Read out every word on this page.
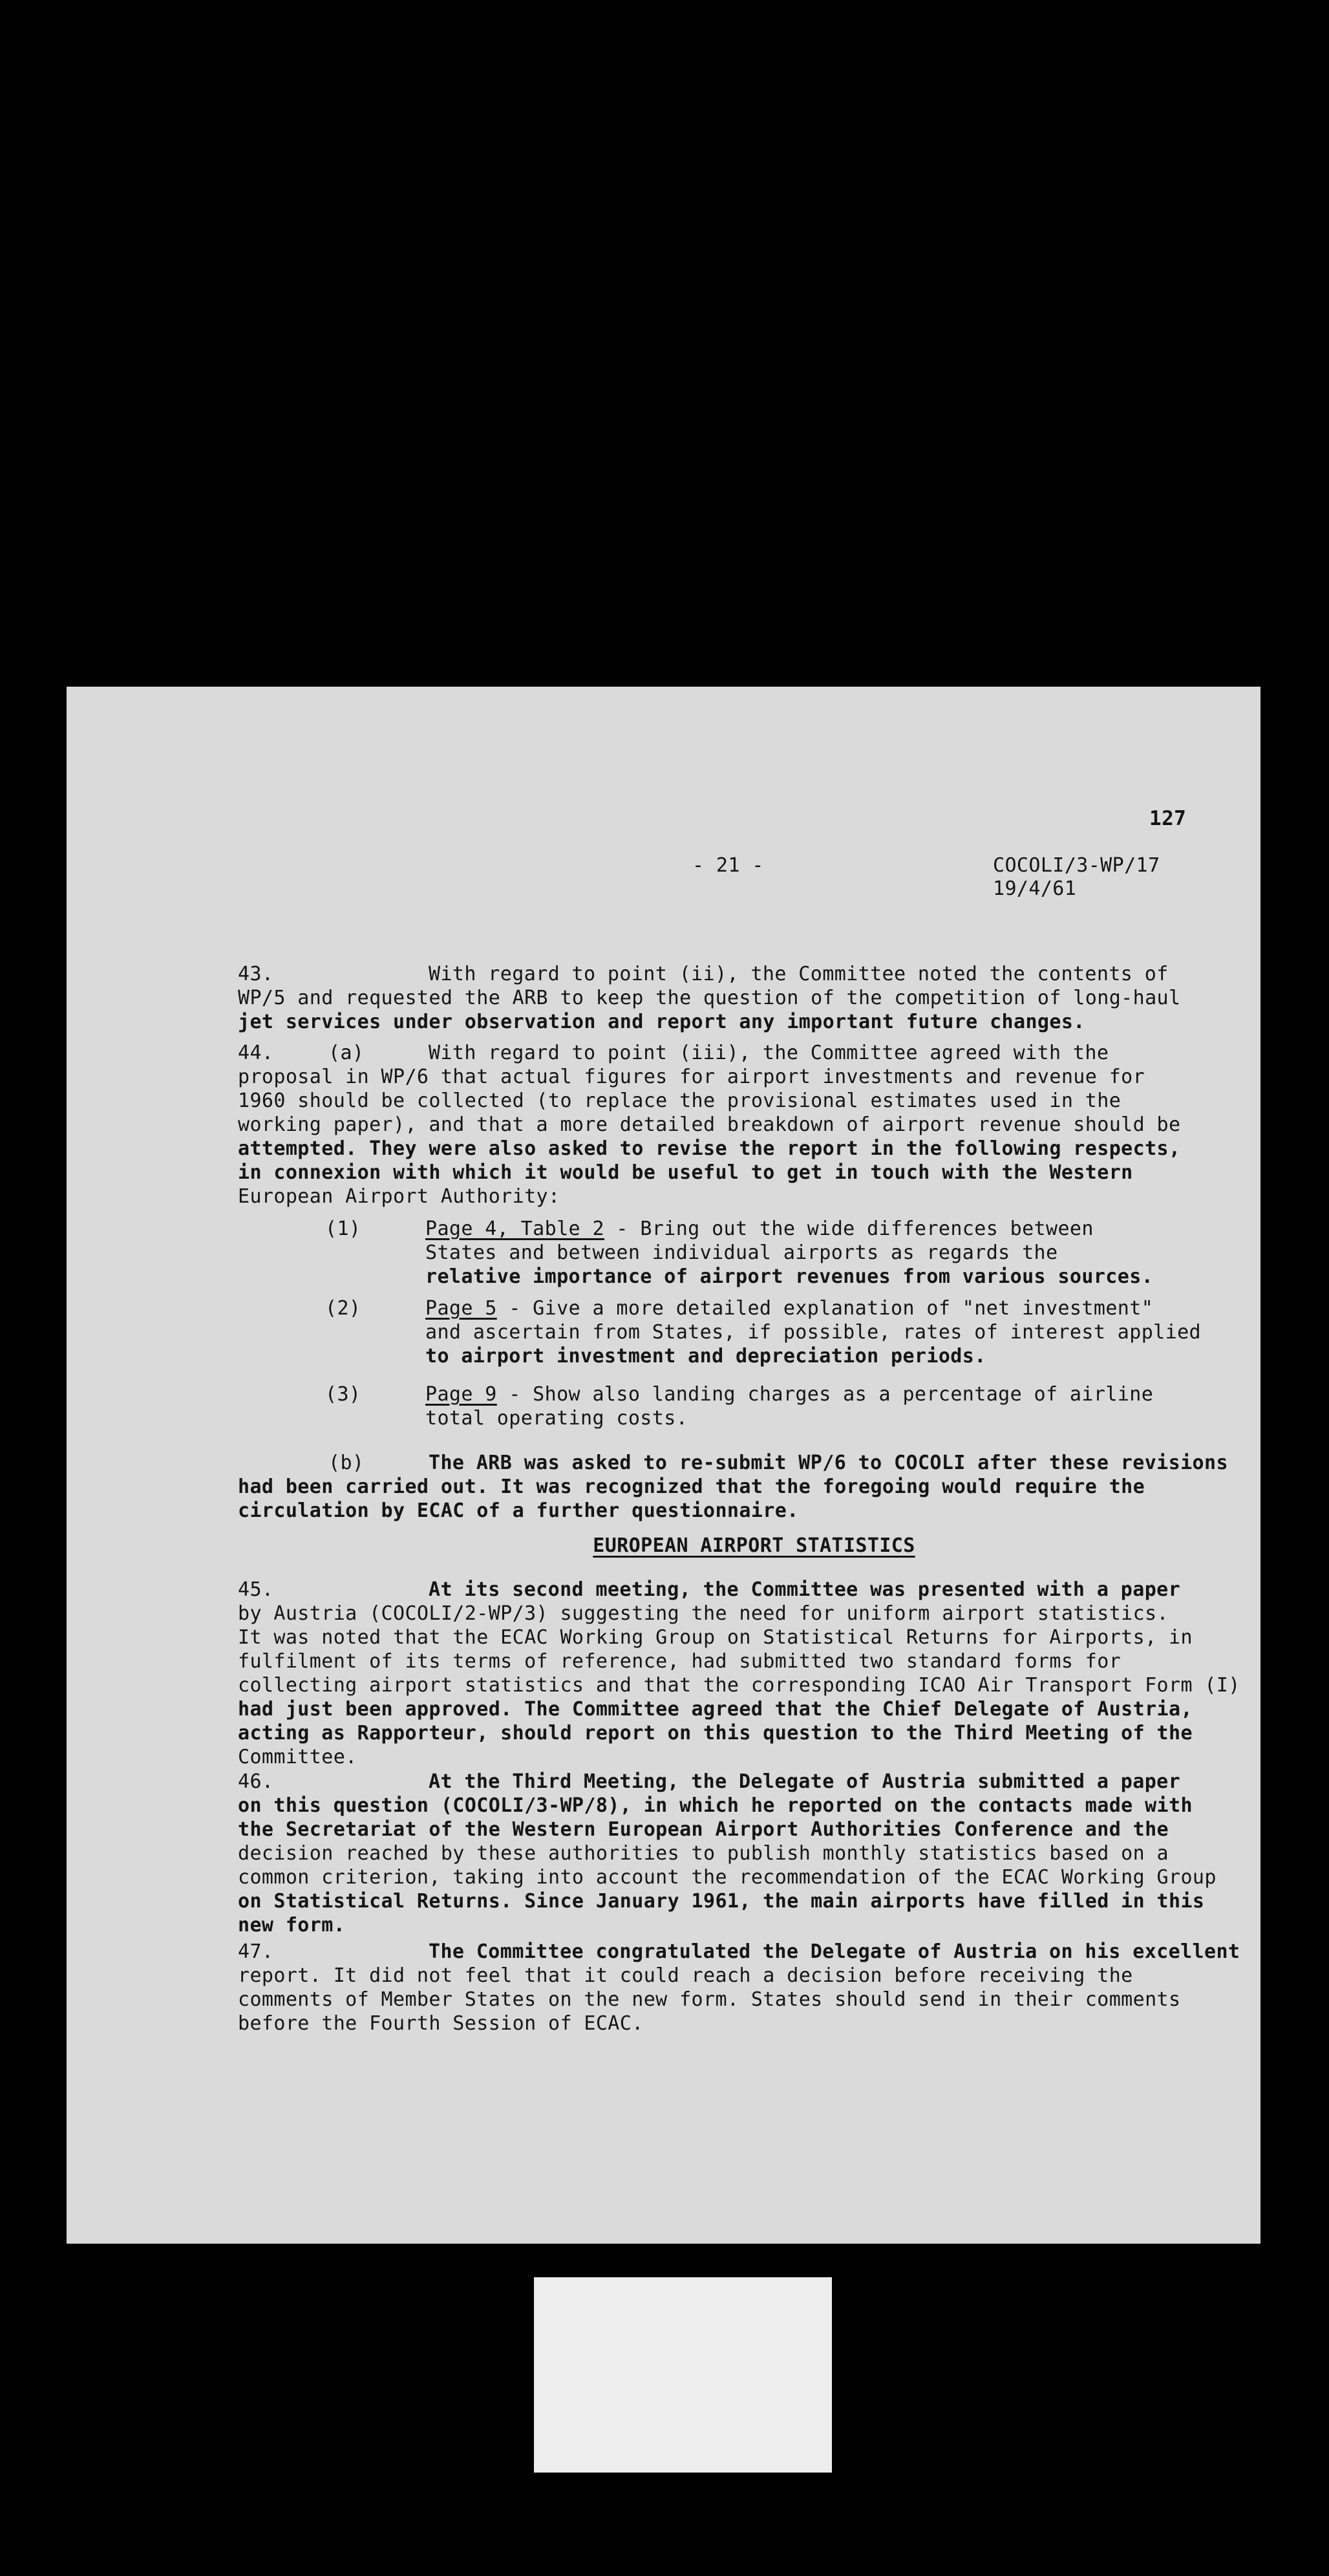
127
- 21 -	COCOLI/3-WP/17
19/4/61
43.	With regard to point (ii), the Committee noted the contents of
WP/5 and requested the ARB to keep the question of the competition of long-haul
jet services under observation and report any important future changes.
44.	(a)	With regard to point (iii), the Committee agreed with the
proposal in WP/6 that actual figures for airport investments and revenue for
1960 should be collected (to replace the provisional estimates used in the
working paper), and that a more detailed breakdown of airport revenue should be
attempted. They were also asked to revise the report in the following respects,
in connexion with which it would be useful to get in touch with the Western
European Airport Authority:
(1)	Page 4, Table 2 - Bring out the wide differences between
States and between individual airports as regards the
relative importance of airport revenues from various sources.
(2)	Page 5 - Give a more detailed explanation of "net investment"
and ascertain from States, if possible, rates of interest applied
to airport investment and depreciation periods.
(3)	Page 9 - Show also landing charges as a percentage of airline
total operating costs.
(b)	The ARB was asked to re-submit WP/6 to COCOLI after these revisions
had been carried out. It was recognized that the foregoing would require the
circulation by ECAC of a further questionnaire.
EUROPEAN AIRPORT STATISTICS
45.	At its second meeting, the Committee was presented with a paper
by Austria (COCOLI/2-WP/3) suggesting the need for uniform airport statistics.
It was noted that the ECAC Working Group on Statistical Returns for Airports, in
fulfilment of its terms of reference, had submitted two standard forms for
collecting airport statistics and that the corresponding ICAO Air Transport Form (I)
had just been approved. The Committee agreed that the Chief Delegate of Austria,
acting as Rapporteur, should report on this question to the Third Meeting of the
Committee.
46.	At the Third Meeting, the Delegate of Austria submitted a paper
on this question (COCOLI/3-WP/8), in which he reported on the contacts made with
the Secretariat of the Western European Airport Authorities Conference and the
decision reached by these authorities to publish monthly statistics based on a
common criterion, taking into account the recommendation of the ECAC Working Group
on Statistical Returns. Since January 1961, the main airports have filled in this
new form.
47.	The Committee congratulated the Delegate of Austria on his excellent
report. It did not feel that it could reach a decision before receiving the
comments of Member States on the new form. States should send in their comments
before the Fourth Session of ECAC.
